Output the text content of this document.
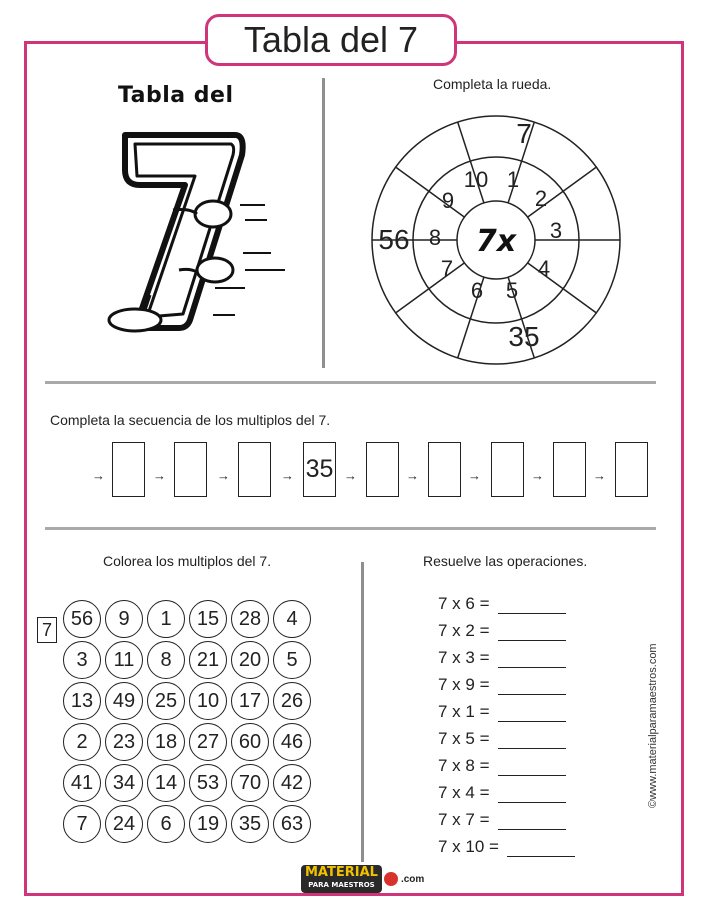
Tabla del 7
Tabla del	Completa la rueda.
7x
10 1
2
3
4
5
6
7
8
9
7
35
56
Completa la secuencia de los multiplos del 7.
→	→	→	→ 35 →	→	→	→	→
Colorea los multiplos del 7.
7 56	9	1	15 28	4
3	11	8	21 20	5
13 49 25 10 17 26
2	23 18 27 60 46
41 34 14 53 70 42
7	24	6	19 35 63
Resuelve las operaciones.
7 x 6 =
7 x 2 =
7 x 3 =
7 x 9 =
7 x 1 =
7 x 5 =
7 x 8 =
7 x 4 =
7 x 7 =
7 x 10 =
©www.materialparamaestros.com
MATERIAL
PARA MAESTROS
.com
